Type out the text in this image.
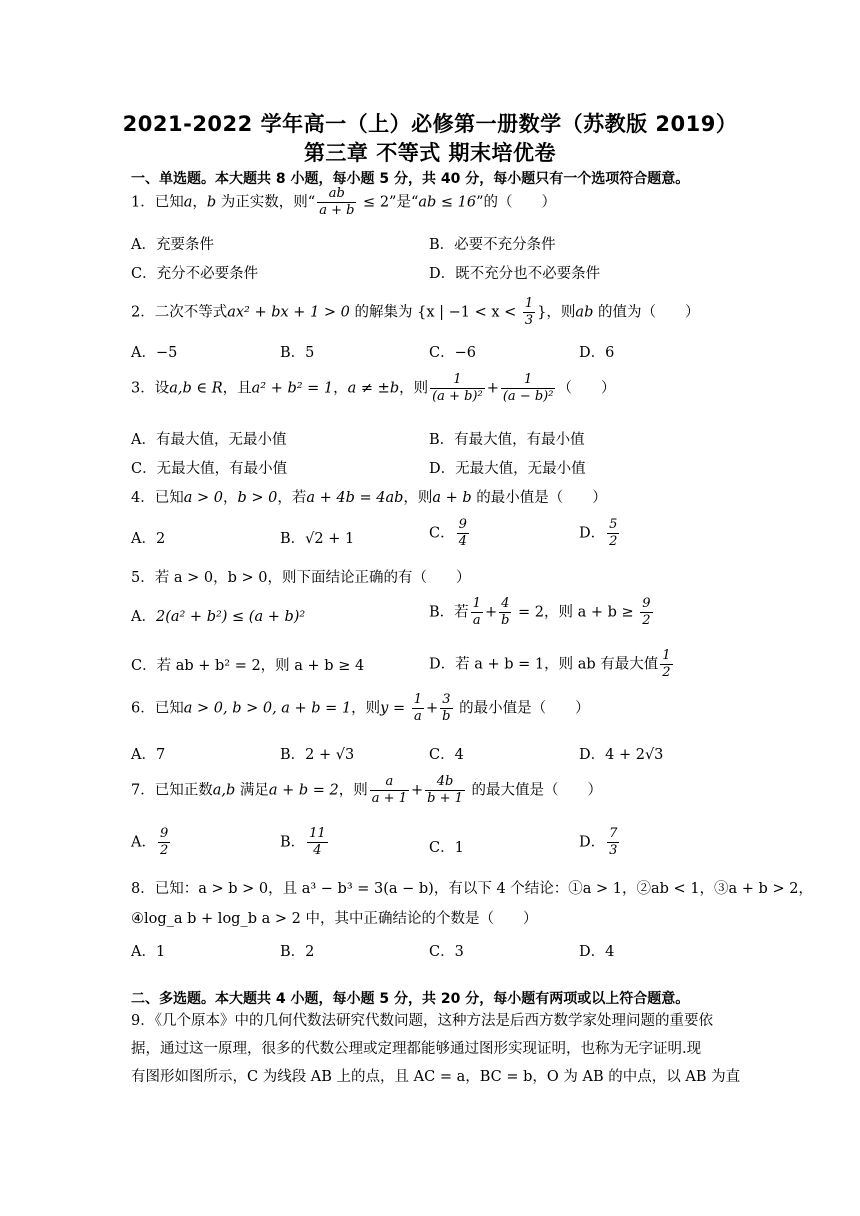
2021-2022 学年高一（上）必修第一册数学（苏教版 2019）
第三章 不等式 期末培优卷
一、单选题。本大题共 8 小题，每小题 5 分，共 40 分，每小题只有一个选项符合题意。
1．已知a，b 为正实数，则“ $\frac{ab}{a + b} \le 2$”是“ab ≤ 16”的（　　）
A．充要条件	B．必要不充分条件
C．充分不必要条件	D．既不充分也不必要条件
2．二次不等式ax² + bx + 1 > 0 的解集为 {x | $-1 < x < \frac{1}{3}$ }，则ab 的值为（　　）
A．−5	B．5	C．−6	D．6
3．设a,b ∈ R，且a² + b² = 1，a ≠ ±b，则 $\frac{1}{\text{(a + b)²}} + \frac{1}{\text{(a − b)²}}$ （　　）
A．有最大值，无最小值	B．有最大值，有最小值
C．无最大值，有最小值	D．无最大值，无最小值
4．已知a > 0，b > 0，若a + 4b = 4ab，则a + b 的最小值是（　　）
A．2	B．√2 + 1	C． $\frac{9}{4}$	D． $\frac{5}{2}$
5．若 a > 0，b > 0，则下面结论正确的有（　　）
A．2(a² + b²) ≤ (a + b)²	B．若 $\frac{1}{a} + \frac{4}{b} = 2$，则 $a + b \ge \frac{9}{2}$
C．若 ab + b² = 2，则 a + b ≥ 4	D．若 a + b = 1，则 ab 有最大值 $\frac{1}{2}$
6．已知a > 0, b > 0, a + b = 1，则$y = \frac{1}{a} + \frac{3}{b}$ 的最小值是（　　）
A．7	B．2 + √3	C．4	D．4 + 2√3
7．已知正数a,b 满足a + b = 2，则 $\frac{a}{a + 1} + \frac{4b}{b + 1}$ 的最大值是（　　）
A． $\frac{9}{2}$	B． $\frac{11}{4}$	C．1	D． $\frac{7}{3}$
8．已知：a > b > 0，且 a³ − b³ = 3(a − b)，有以下 4 个结论：①a > 1，②ab < 1，③a + b > 2，
④log_a b + log_b a > 2 中，其中正确结论的个数是（　　）
A．1	B．2	C．3	D．4
二、多选题。本大题共 4 小题，每小题 5 分，共 20 分，每小题有两项或以上符合题意。
9．《几个原本》中的几何代数法研究代数问题，这种方法是后西方数学家处理问题的重要依
据，通过这一原理，很多的代数公理或定理都能够通过图形实现证明，也称为无字证明.现
有图形如图所示，C 为线段 AB 上的点，且 AC = a，BC = b，O 为 AB 的中点，以 AB 为直
